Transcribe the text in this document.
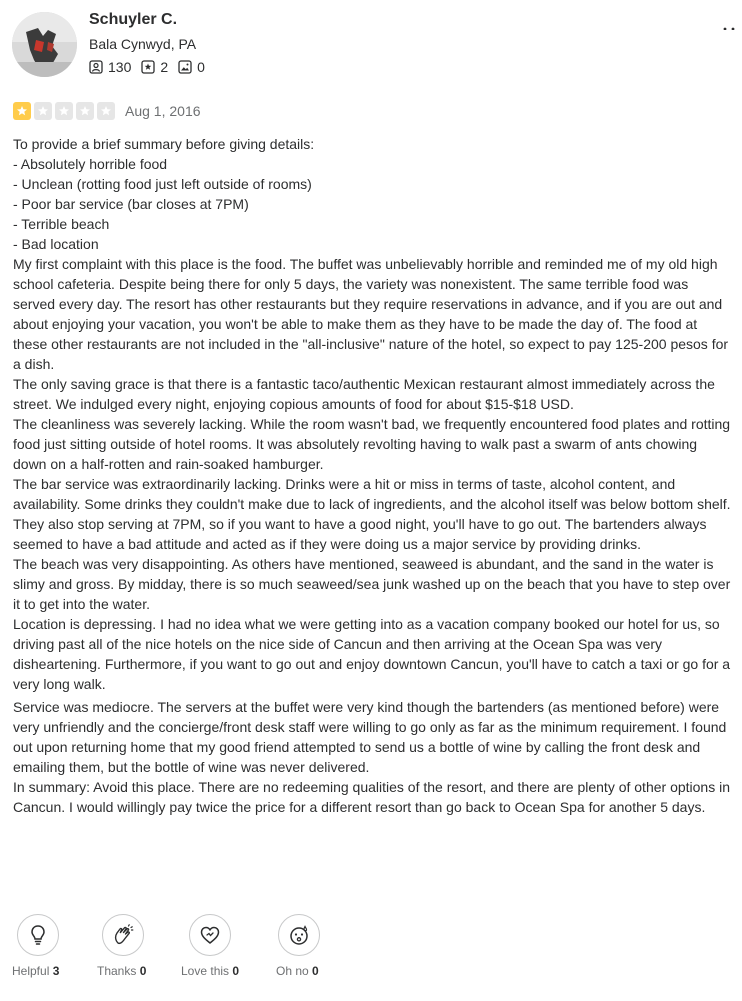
Schuyler C.
Bala Cynwyd, PA
130 2 0
Aug 1, 2016

To provide a brief summary before giving details:
- Absolutely horrible food
- Unclean (rotting food just left outside of rooms)
- Poor bar service (bar closes at 7PM)
- Terrible beach
- Bad location
My first complaint with this place is the food. The buffet was unbelievably horrible and reminded me of my old high school cafeteria. Despite being there for only 5 days, the variety was nonexistent. The same terrible food was served every day. The resort has other restaurants but they require reservations in advance, and if you are out and about enjoying your vacation, you won't be able to make them as they have to be made the day of. The food at these other restaurants are not included in the "all-inclusive" nature of the hotel, so expect to pay 125-200 pesos for a dish.
The only saving grace is that there is a fantastic taco/authentic Mexican restaurant almost immediately across the street. We indulged every night, enjoying copious amounts of food for about $15-$18 USD.
The cleanliness was severely lacking. While the room wasn't bad, we frequently encountered food plates and rotting food just sitting outside of hotel rooms. It was absolutely revolting having to walk past a swarm of ants chowing down on a half-rotten and rain-soaked hamburger.
The bar service was extraordinarily lacking. Drinks were a hit or miss in terms of taste, alcohol content, and availability. Some drinks they couldn't make due to lack of ingredients, and the alcohol itself was below bottom shelf. They also stop serving at 7PM, so if you want to have a good night, you'll have to go out. The bartenders always seemed to have a bad attitude and acted as if they were doing us a major service by providing drinks.
The beach was very disappointing. As others have mentioned, seaweed is abundant, and the sand in the water is slimy and gross. By midday, there is so much seaweed/sea junk washed up on the beach that you have to step over it to get into the water.
Location is depressing. I had no idea what we were getting into as a vacation company booked our hotel for us, so driving past all of the nice hotels on the nice side of Cancun and then arriving at the Ocean Spa was very disheartening. Furthermore, if you want to go out and enjoy downtown Cancun, you'll have to catch a taxi or go for a very long walk.

Service was mediocre. The servers at the buffet were very kind though the bartenders (as mentioned before) were very unfriendly and the concierge/front desk staff were willing to go only as far as the minimum requirement. I found out upon returning home that my good friend attempted to send us a bottle of wine by calling the front desk and emailing them, but the bottle of wine was never delivered.
In summary: Avoid this place. There are no redeeming qualities of the resort, and there are plenty of other options in Cancun. I would willingly pay twice the price for a different resort than go back to Ocean Spa for another 5 days.

Helpful 3	Thanks 0	Love this 0	Oh no 0
